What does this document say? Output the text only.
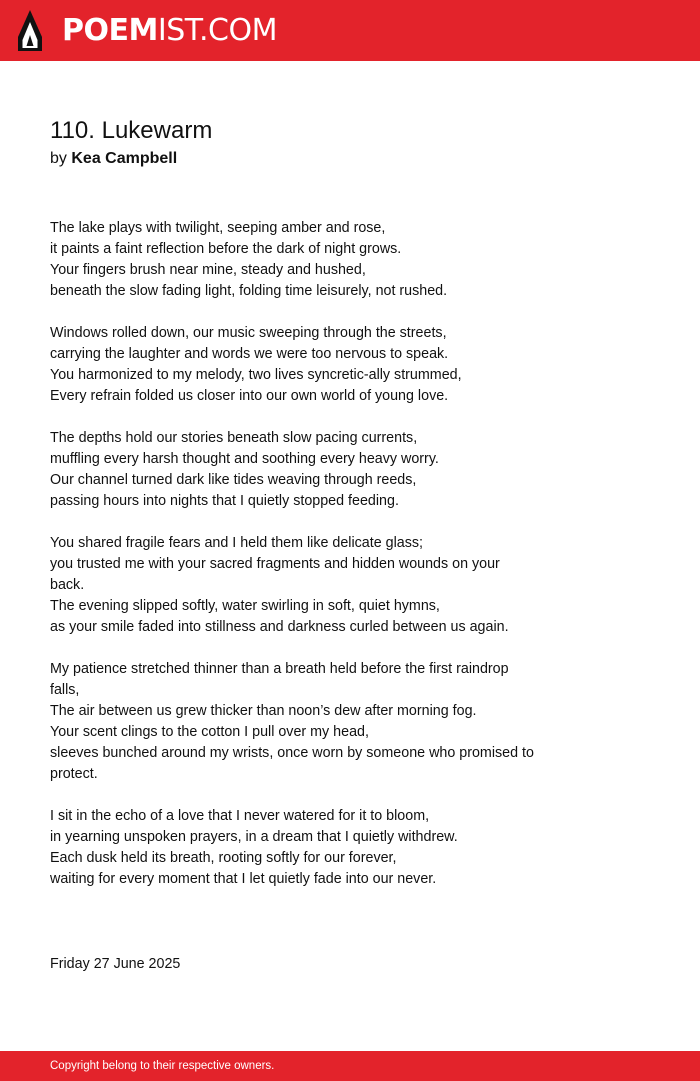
POEMIST.COM
110. Lukewarm
by Kea Campbell
The lake plays with twilight, seeping amber and rose,
it paints a faint reflection before the dark of night grows.
Your fingers brush near mine, steady and hushed,
beneath the slow fading light, folding time leisurely, not rushed.
Windows rolled down, our music sweeping through the streets,
carrying the laughter and words we were too nervous to speak.
You harmonized to my melody, two lives syncretic-ally strummed,
Every refrain folded us closer into our own world of young love.
The depths hold our stories beneath slow pacing currents,
muffling every harsh thought and soothing every heavy worry.
Our channel turned dark like tides weaving through reeds,
passing hours into nights that I quietly stopped feeding.
You shared fragile fears and I held them like delicate glass;
you trusted me with your sacred fragments and hidden wounds on your
back.
The evening slipped softly, water swirling in soft, quiet hymns,
as your smile faded into stillness and darkness curled between us again.
My patience stretched thinner than a breath held before the first raindrop
falls,
The air between us grew thicker than noon’s dew after morning fog.
Your scent clings to the cotton I pull over my head,
sleeves bunched around my wrists, once worn by someone who promised to
protect.
I sit in the echo of a love that I never watered for it to bloom,
in yearning unspoken prayers, in a dream that I quietly withdrew.
Each dusk held its breath, rooting softly for our forever,
waiting for every moment that I let quietly fade into our never.
Friday 27 June 2025
Copyright belong to their respective owners.
